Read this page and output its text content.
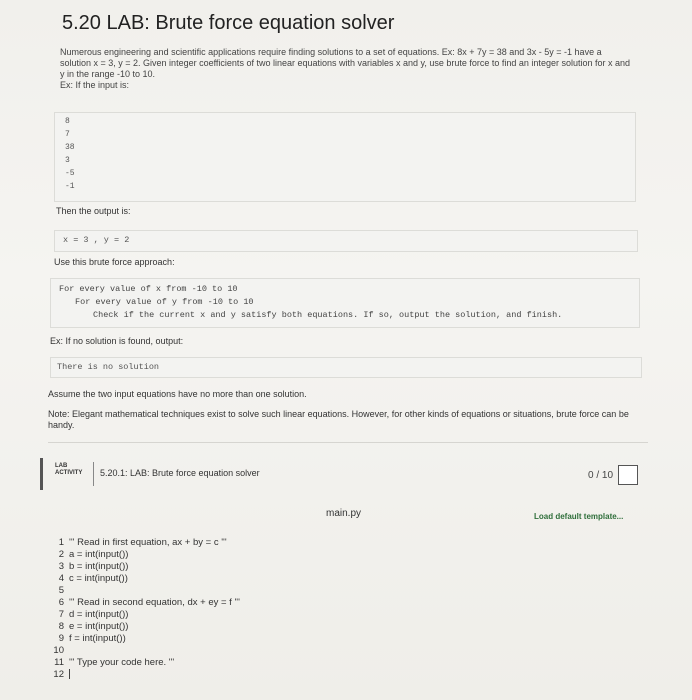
5.20 LAB: Brute force equation solver
Numerous engineering and scientific applications require finding solutions to a set of equations. Ex: 8x + 7y = 38 and 3x - 5y = -1 have a solution x = 3, y = 2. Given integer coefficients of two linear equations with variables x and y, use brute force to find an integer solution for x and y in the range -10 to 10.
Ex: If the input is:
8
7
38
3
-5
-1
Then the output is:
x = 3 , y = 2
Use this brute force approach:
For every value of x from -10 to 10
For every value of y from -10 to 10
Check if the current x and y satisfy both equations. If so, output the solution, and finish.
Ex: If no solution is found, output:
There is no solution
Assume the two input equations have no more than one solution.
Note: Elegant mathematical techniques exist to solve such linear equations. However, for other kinds of equations or situations, brute force can be handy.
LAB
ACTIVITY 5.20.1: LAB: Brute force equation solver	0 / 10
main.py	Load default template...
1 ''' Read in first equation, ax + by = c '''
2 a = int(input())
3 b = int(input())
4 c = int(input())
5
6 ''' Read in second equation, dx + ey = f '''
7 d = int(input())
8 e = int(input())
9 f = int(input())
10
11 ''' Type your code here. '''
12
